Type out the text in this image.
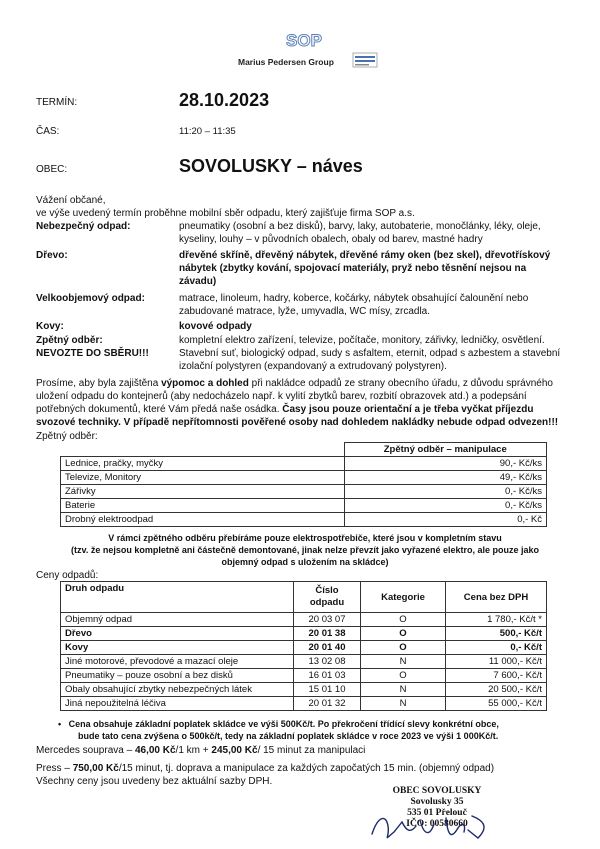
SOP
Marius Pedersen Group
TERMÍN:	28.10.2023
ČAS:	11:20 – 11:35
OBEC:	SOVOLUSKY – náves
Vážení občané,
ve výše uvedený termín proběhne mobilní sběr odpadu, který zajišťuje firma SOP a.s.
Nebezpečný odpad:	pneumatiky (osobní a bez disků), barvy, laky, autobaterie, monočlánky, léky, oleje,
kyseliny, louhy – v původních obalech, obaly od barev, mastné hadry
Dřevo:	dřevěné skříně, dřevěný nábytek, dřevěné rámy oken (bez skel), dřevotřískový
nábytek (zbytky kování, spojovací materiály, pryž nebo těsnění nejsou na
závadu)
Velkoobjemový odpad:	matrace, linoleum, hadry, koberce, kočárky, nábytek obsahující čalounění nebo
zabudované matrace, lyže, umyvadla, WC mísy, zrcadla.
Kovy:	kovové odpady
Zpětný odběr:	kompletní elektro zařízení, televize, počítače, monitory, zářivky, ledničky, osvětlení.
NEVOZTE DO SBĚRU!!!	Stavební suť, biologický odpad, sudy s asfaltem, eternit, odpad s azbestem a stavební
izolační polystyren (expandovaný a extrudovaný polystyren).
Prosíme, aby byla zajištěna výpomoc a dohled při nakládce odpadů ze strany obecního úřadu, z důvodu správného
uložení odpadu do kontejnerů (aby nedocházelo např. k vylití zbytků barev, rozbití obrazovek atd.) a podepsání
potřebných dokumentů, které Vám předá naše osádka. Časy jsou pouze orientační a je třeba vyčkat příjezdu
svozové techniky. V případě nepřítomnosti pověřené osoby nad dohledem nakládky nebude odpad odvezen!!!
Zpětný odběr:
	Zpětný odběr – manipulace
Lednice, pračky, myčky	90,- Kč/ks
Televize, Monitory	49,- Kč/ks
Zářivky	0,- Kč/ks
Baterie	0,- Kč/ks
Drobný elektroodpad	0,- Kč
V rámci zpětného odběru přebíráme pouze elektrospotřebiče, které jsou v kompletním stavu
(tzv. že nejsou kompletně ani částečně demontované, jinak nelze převzít jako vyřazené elektro, ale pouze jako
objemný odpad s uložením na skládce)
Ceny odpadů:
Druh odpadu	Číslo odpadu	Kategorie	Cena bez DPH
Objemný odpad	20 03 07	O	1 780,- Kč/t *
Dřevo	20 01 38	O	500,- Kč/t
Kovy	20 01 40	O	0,- Kč/t
Jiné motorové, převodové a mazací oleje	13 02 08	N	11 000,- Kč/t
Pneumatiky – pouze osobní a bez disků	16 01 03	O	7 600,- Kč/t
Obaly obsahující zbytky nebezpečných látek	15 01 10	N	20 500,- Kč/t
Jiná nepoužitelná léčiva	20 01 32	N	55 000,- Kč/t
• Cena obsahuje základní poplatek skládce ve výši 500Kč/t. Po překročení třídící slevy konkrétní obce,
bude tato cena zvýšena o 500kč/t, tedy na základní poplatek skládce v roce 2023 ve výši 1 000Kč/t.
Mercedes souprava – 46,00 Kč/1 km + 245,00 Kč/ 15 minut za manipulaci
Press – 750,00 Kč/15 minut, tj. doprava a manipulace za každých započatých 15 min. (objemný odpad)
Všechny ceny jsou uvedeny bez aktuální sazby DPH.
OBEC SOVOLUSKY
Sovolusky 35
535 01 Přelouč
IČO: 00580660
